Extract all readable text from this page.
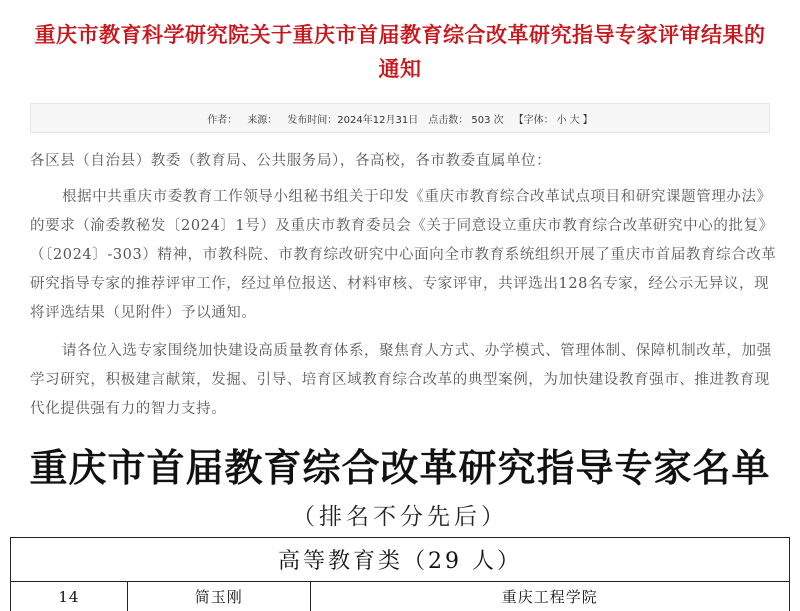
重庆市教育科学研究院关于重庆市首届教育综合改革研究指导专家评审结果的
通知
作者： 来源： 发布时间：2024年12月31日 点击数： 503 次 【字体： 小 大 】

各区县（自治县）教委（教育局、公共服务局），各高校，各市教委直属单位：

根据中共重庆市委教育工作领导小组秘书组关于印发《重庆市教育综合改革试点项目和研究课题管理办法》的要求（渝委教秘发〔2024〕1号）及重庆市教育委员会《关于同意设立重庆市教育综合改革研究中心的批复》（〔2024〕-303）精神，市教科院、市教育综改研究中心面向全市教育系统组织开展了重庆市首届教育综合改革研究指导专家的推荐评审工作，经过单位报送、材料审核、专家评审，共评选出128名专家，经公示无异议，现将评选结果（见附件）予以通知。

请各位入选专家围绕加快建设高质量教育体系，聚焦育人方式、办学模式、管理体制、保障机制改革，加强学习研究，积极建言献策，发掘、引导、培育区域教育综合改革的典型案例，为加快建设教育强市、推进教育现代化提供强有力的智力支持。

重庆市首届教育综合改革研究指导专家名单
（排名不分先后）
高等教育类（29 人）
14	简玉刚	重庆工程学院
